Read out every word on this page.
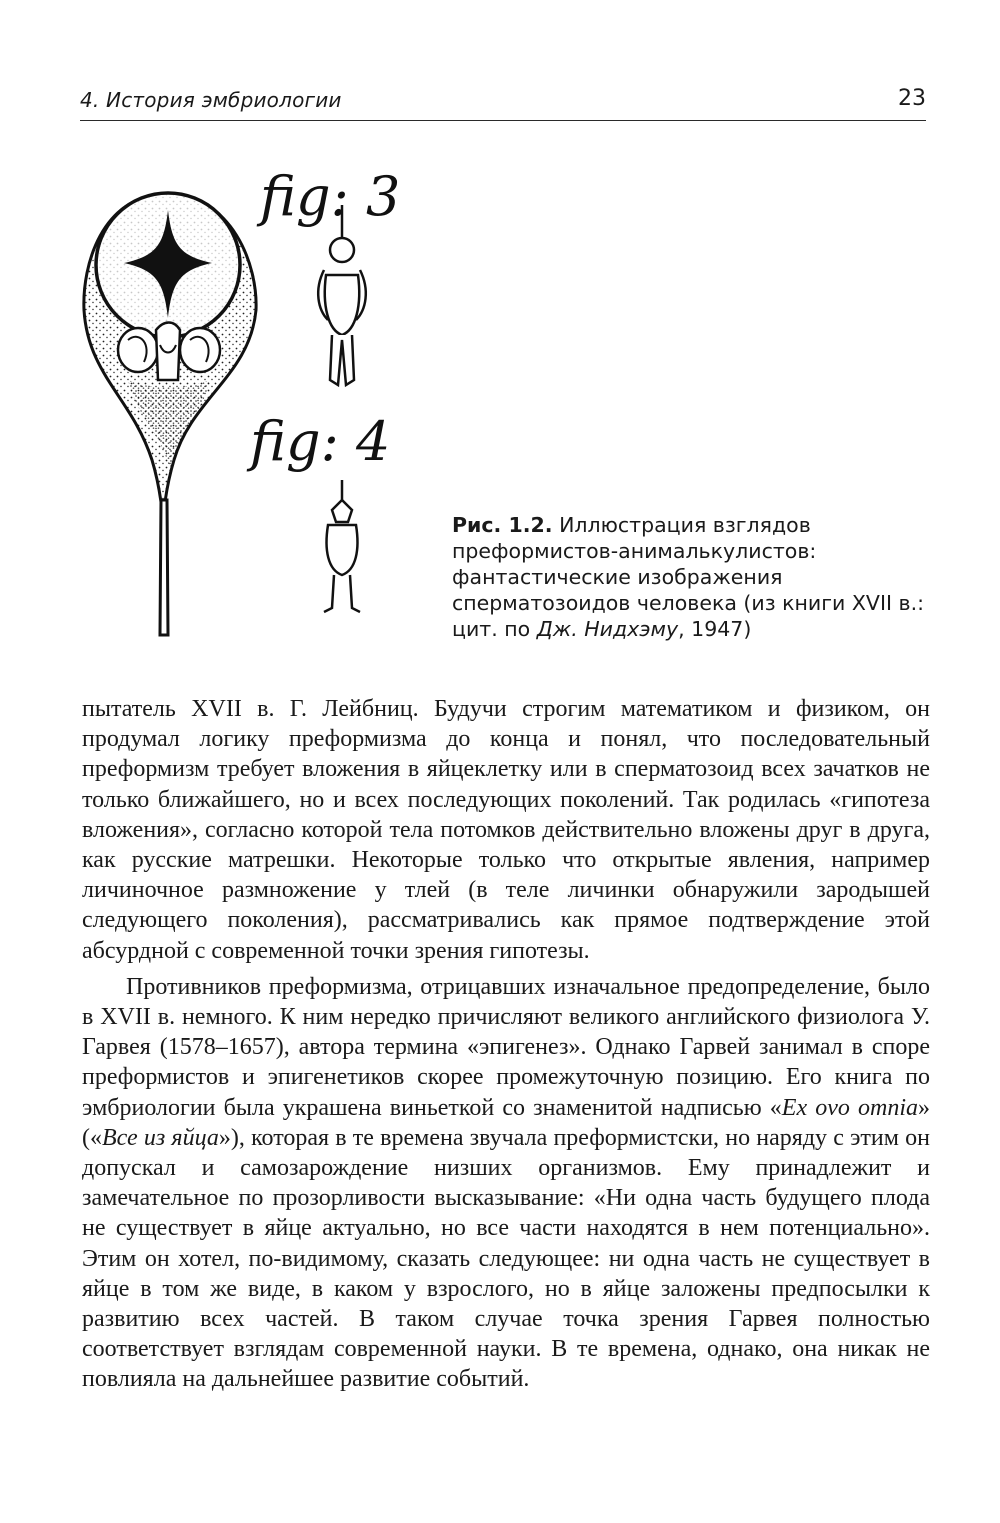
4. История эмбриологии	23
fig: 3
fig: 4
Рис. 1.2. Иллюстрация взглядов преформистов-анималькулистов: фантастические изображения сперматозоидов человека (из книги XVII в.: цит. по Дж. Нидхэму, 1947)

пытатель XVII в. Г. Лейбниц. Будучи строгим математиком и физиком, он продумал логику преформизма до конца и понял, что последовательный преформизм требует вложения в яйцеклетку или в сперматозоид всех зачатков не только ближайшего, но и всех последующих поколений. Так родилась «гипотеза вложения», согласно которой тела потомков действительно вложены друг в друга, как русские матрешки. Некоторые только что открытые явления, например личиночное размножение у тлей (в теле личинки обнаружили зародышей следующего поколения), рассматривались как прямое подтверждение этой абсурдной с современной точки зрения гипотезы.

Противников преформизма, отрицавших изначальное предопределение, было в XVII в. немного. К ним нередко причисляют великого английского физиолога У. Гарвея (1578–1657), автора термина «эпигенез». Однако Гарвей занимал в споре преформистов и эпигенетиков скорее промежуточную позицию. Его книга по эмбриологии была украшена виньеткой со знаменитой надписью «Ex ovo omnia» («Все из яйца»), которая в те времена звучала преформистски, но наряду с этим он допускал и самозарождение низших организмов. Ему принадлежит и замечательное по прозорливости высказывание: «Ни одна часть будущего плода не существует в яйце актуально, но все части находятся в нем потенциально». Этим он хотел, по-видимому, сказать следующее: ни одна часть не существует в яйце в том же виде, в каком у взрослого, но в яйце заложены предпосылки к развитию всех частей. В таком случае точка зрения Гарвея полностью соответствует взглядам современной науки. В те времена, однако, она никак не повлияла на дальнейшее развитие событий.
